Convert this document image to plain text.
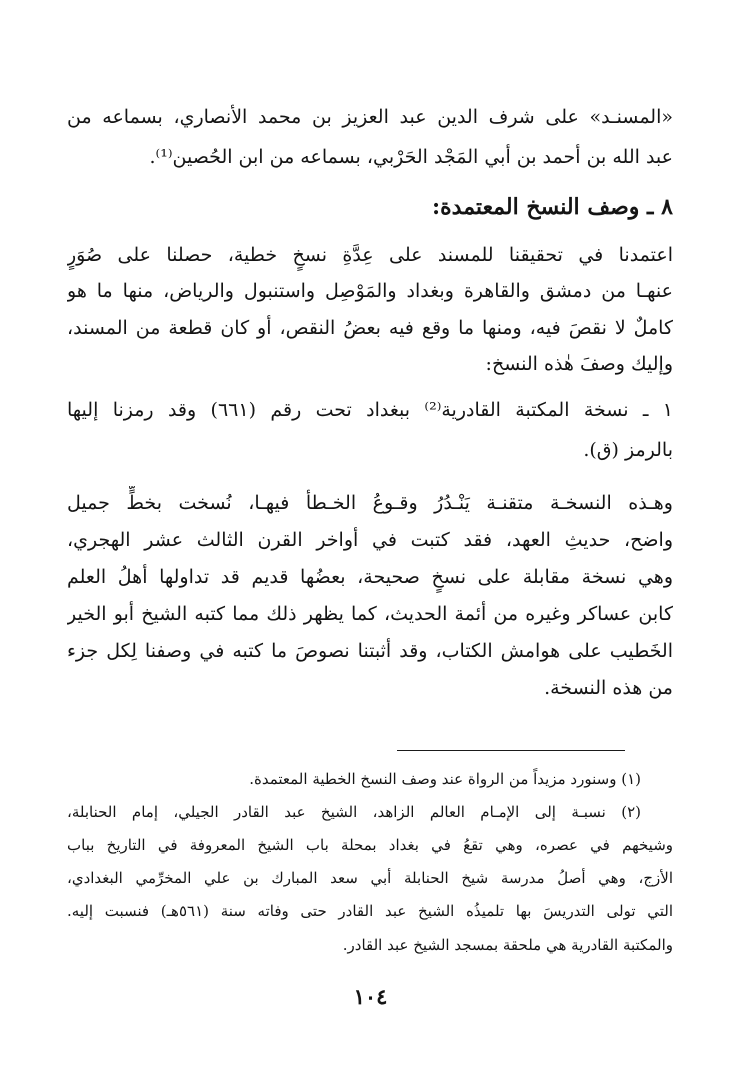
«المسنـد» على شرف الدين عبد العزيز بن محمد الأنصاري، بسماعه من
عبد الله بن أحمد بن أبي المَجْد الحَرْبي، بسماعه من ابن الحُصين⁽¹⁾.
٨ ـ وصف النسخ المعتمدة:
اعتمدنا في تحقيقنا للمسند على عِدَّةِ نسخٍ خطية، حصلنا على صُوَرٍ
عنهـا من دمشق والقاهرة وبغداد والمَوْصِل واستنبول والرياض، منها ما هو
كاملٌ لا نقصَ فيه، ومنها ما وقع فيه بعضُ النقص، أو كان قطعة من المسند،
وإليك وصفَ هٰذه النسخ:
١ ـ نسخة المكتبة القادرية⁽²⁾ ببغداد تحت رقم (٦٦١) وقد رمزنا إليها
بالرمز (ق).
وهـذه النسخـة متقنـة يَنْـدُرُ وقـوعُ الخـطأ فيهـا، نُسخت بخطٍّ جميل
واضح، حديثِ العهد، فقد كتبت في أواخر القرن الثالث عشر الهجري،
وهي نسخة مقابلة على نسخٍ صحيحة، بعضُها قديم قد تداولها أهلُ العلم
كابن عساكر وغيره من أئمة الحديث، كما يظهر ذلك مما كتبه الشيخ أبو الخير
الخَطيب على هوامش الكتاب، وقد أثبتنا نصوصَ ما كتبه في وصفنا لِكل جزء
من هذه النسخة.
(١) وسنورد مزيداً من الرواة عند وصف النسخ الخطية المعتمدة.
(٢) نسبـة إلى الإمـام العالم الزاهد، الشيخ عبد القادر الجيلي، إمام الحنابلة،
وشيخهم في عصره، وهي تقعُ في بغداد بمحلة باب الشيخ المعروفة في التاريخ بباب
الأزج، وهي أصلُ مدرسة شيخ الحنابلة أبي سعد المبارك بن علي المخرِّمي البغدادي،
التي تولى التدريسَ بها تلميذُه الشيخ عبد القادر حتى وفاته سنة (٥٦١هـ) فنسبت إليه.
والمكتبة القادرية هي ملحقة بمسجد الشيخ عبد القادر.
١٠٤
